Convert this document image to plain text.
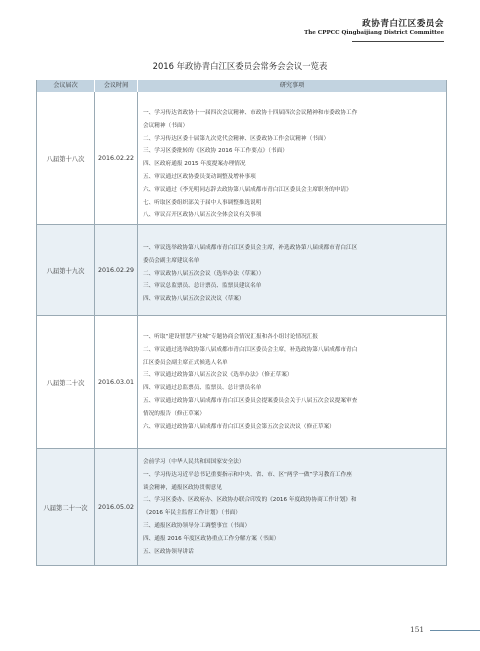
政协青白江区委员会
The CPPCC Qingbaijiang District Committee
2016 年政协青白江区委员会常务会会议一览表
会议届次	会议时间	研究事项
八届第十八次	2016.02.22
一、学习传达省政协十一届四次会议精神、市政协十四届四次会议精神和市委政协工作
会议精神（书面）
二、学习传达区委十届第九次党代会精神、区委政协工作会议精神（书面）
三、学习区委批转的《区政协 2016 年工作要点》（书面）
四、区政府通报 2015 年度提案办理情况
五、审议通过区政协委员变动调整及增补事项
六、审议通过《李光明同志辞去政协第八届成都市青白江区委员会主席职务的申请》
七、听取区委组织部关于届中人事调整推选说明
八、审议召开区政协八届五次全体会议有关事项
八届第十九次	2016.02.29
一、审议选举政协第八届成都市青白江区委员会主席，补选政协第八届成都市青白江区
委员会副主席建议名单
二、审议政协八届五次会议（选举办法（草案））
三、审议总监票员、总计票员、监票员建议名单
四、审议政协八届五次会议决议（草案）
八届第二十次	2016.03.01
一、听取“建设智慧产业城”专题协商会情况汇报和各小组讨论情况汇报
二、审议通过选举政协第八届成都市青白江区委员会主席，补选政协第八届成都市青白
江区委员会副主席正式候选人名单
三、审议通过政协第八届五次会议《选举办法》（修正草案）
四、审议通过总监票员、监票员、总计票员名单
五、审议通过政协第八届成都市青白江区委员会提案委员会关于八届五次会议提案审查
情况的报告（修正草案）
六、审议通过政协第八届成都市青白江区委员会第五次会议决议（修正草案）
八届第二十一次	2016.05.02
会前学习（中华人民共和国国家安全法）
一、学习传达习近平总书记重要指示和中央、省、市、区“两学一做”学习教育工作座
谈会精神，通报区政协贯彻意见
二、学习区委办、区政府办、区政协办联合印发的《2016 年度政协协商工作计划》和
《2016 年民主监督工作计划》（书面）
三、通报区政协领导分工调整事宜（书面）
四、通报 2016 年度区政协重点工作分解方案（书面）
五、区政协领导讲话
151
